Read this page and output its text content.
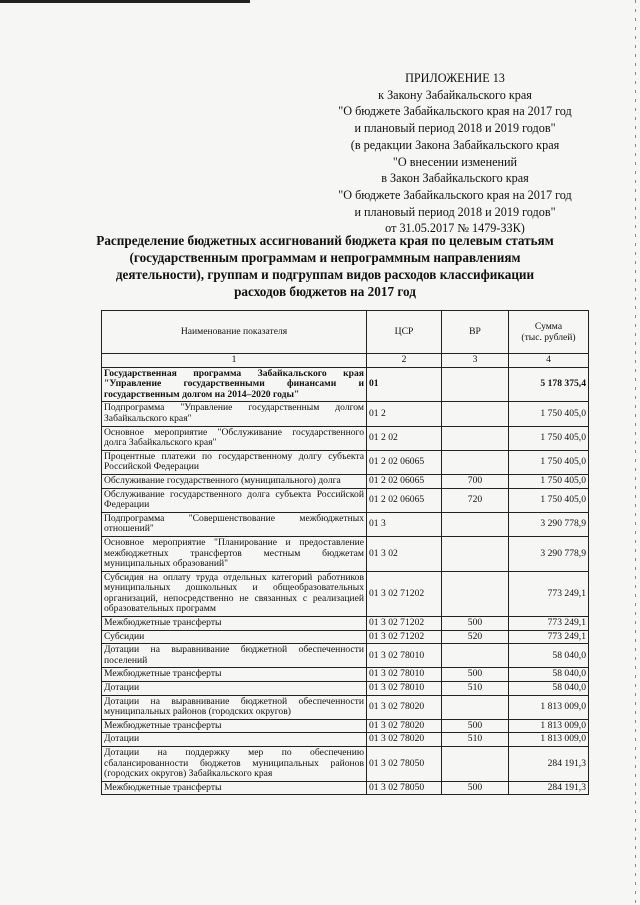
ПРИЛОЖЕНИЕ 13
к Закону Забайкальского края
"О бюджете Забайкальского края на 2017 год
и плановый период 2018 и 2019 годов"
(в редакции Закона Забайкальского края
"О внесении изменений
в Закон Забайкальского края
"О бюджете Забайкальского края на 2017 год
и плановый период 2018 и 2019 годов"
от 31.05.2017 № 1479-ЗЗК)
Распределение бюджетных ассигнований бюджета края по целевым статьям (государственным программам и непрограммным направлениям деятельности), группам и подгруппам видов расходов классификации расходов бюджетов на 2017 год
Наименование показателя	ЦСР	ВР	Сумма
(тыс. рублей)

1	2	3	4
Государственная программа Забайкальского края "Управление государственными финансами и государственным долгом на 2014–2020 годы"	01		5 178 375,4
Подпрограмма "Управление государственным долгом Забайкальского края"	01 2		1 750 405,0
Основное мероприятие "Обслуживание государственного долга Забайкальского края"	01 2 02		1 750 405,0
Процентные платежи по государственному долгу субъекта Российской Федерации	01 2 02 06065		1 750 405,0
Обслуживание государственного (муниципального) долга	01 2 02 06065	700	1 750 405,0
Обслуживание государственного долга субъекта Российской Федерации	01 2 02 06065	720	1 750 405,0
Подпрограмма "Совершенствование межбюджетных отношений"	01 3		3 290 778,9
Основное мероприятие "Планирование и предоставление межбюджетных трансфертов местным бюджетам муниципальных образований"	01 3 02		3 290 778,9
Субсидия на оплату труда отдельных категорий работников муниципальных дошкольных и общеобразовательных организаций, непосредственно не связанных с реализацией образовательных программ	01 3 02 71202		773 249,1
Межбюджетные трансферты	01 3 02 71202	500	773 249,1
Субсидии	01 3 02 71202	520	773 249,1
Дотации на выравнивание бюджетной обеспеченности поселений	01 3 02 78010		58 040,0
Межбюджетные трансферты	01 3 02 78010	500	58 040,0
Дотации	01 3 02 78010	510	58 040,0
Дотации на выравнивание бюджетной обеспеченности муниципальных районов (городских округов)	01 3 02 78020		1 813 009,0
Межбюджетные трансферты	01 3 02 78020	500	1 813 009,0
Дотации	01 3 02 78020	510	1 813 009,0
Дотации на поддержку мер по обеспечению сбалансированности бюджетов муниципальных районов (городских округов) Забайкальского края	01 3 02 78050		284 191,3
Межбюджетные трансферты	01 3 02 78050	500	284 191,3
